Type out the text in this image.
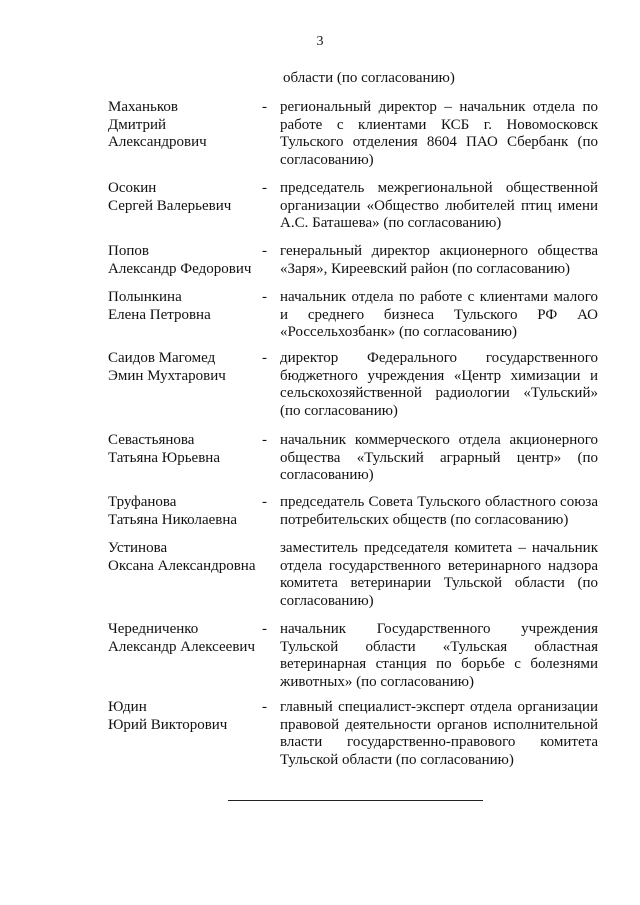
3
области (по согласованию)
Маханьков
Дмитрий
Александрович
- региональный директор – начальник отдела по работе с клиентами КСБ г. Новомосковск Тульского отделения 8604 ПАО Сбербанк (по согласованию)
Осокин
Сергей Валерьевич
- председатель межрегиональной общественной организации «Общество любителей птиц имени А.С. Баташева» (по согласованию)
Попов
Александр Федорович
- генеральный директор акционерного общества «Заря», Киреевский район (по согласованию)
Полынкина
Елена Петровна
- начальник отдела по работе с клиентами малого и среднего бизнеса Тульского РФ АО «Россельхозбанк» (по согласованию)
Саидов Магомед
Эмин Мухтарович
- директор Федерального государственного бюджетного учреждения «Центр химизации и сельскохозяйственной радиологии «Тульский» (по согласованию)
Севастьянова
Татьяна Юрьевна
- начальник коммерческого отдела акционерного общества «Тульский аграрный центр» (по согласованию)
Труфанова
Татьяна Николаевна
- председатель Совета Тульского областного союза потребительских обществ (по согласованию)
Устинова
Оксана Александровна
заместитель председателя комитета – начальник отдела государственного ветеринарного надзора комитета ветеринарии Тульской области (по согласованию)
Чередниченко
Александр Алексеевич
- начальник Государственного учреждения Тульской области «Тульская областная ветеринарная станция по борьбе с болезнями животных» (по согласованию)
Юдин
Юрий Викторович
- главный специалист-эксперт отдела организации правовой деятельности органов исполнительной власти государственно-правового комитета Тульской области (по согласованию)
